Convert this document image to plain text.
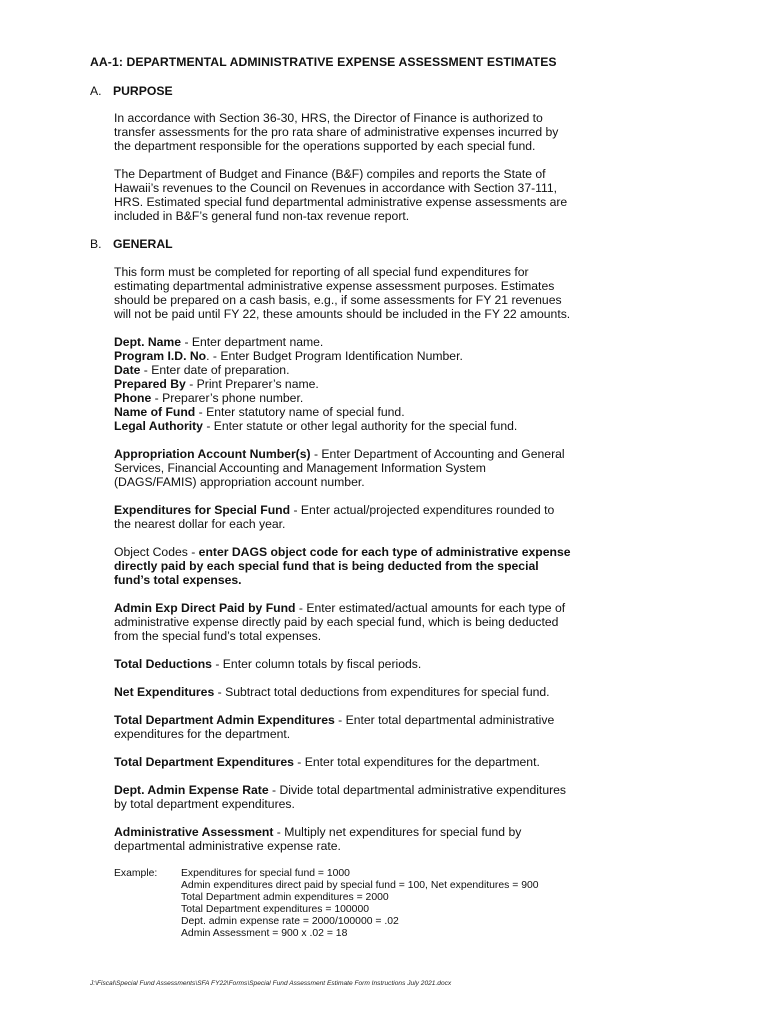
AA-1: DEPARTMENTAL ADMINISTRATIVE EXPENSE ASSESSMENT ESTIMATES
A. PURPOSE

In accordance with Section 36-30, HRS, the Director of Finance is authorized to
transfer assessments for the pro rata share of administrative expenses incurred by
the department responsible for the operations supported by each special fund.

The Department of Budget and Finance (B&F) compiles and reports the State of
Hawaii’s revenues to the Council on Revenues in accordance with Section 37-111,
HRS. Estimated special fund departmental administrative expense assessments are
included in B&F’s general fund non-tax revenue report.

B. GENERAL

This form must be completed for reporting of all special fund expenditures for
estimating departmental administrative expense assessment purposes. Estimates
should be prepared on a cash basis, e.g., if some assessments for FY 21 revenues
will not be paid until FY 22, these amounts should be included in the FY 22 amounts.

Dept. Name - Enter department name.
Program I.D. No. - Enter Budget Program Identification Number.
Date - Enter date of preparation.
Prepared By - Print Preparer’s name.
Phone - Preparer’s phone number.
Name of Fund - Enter statutory name of special fund.
Legal Authority - Enter statute or other legal authority for the special fund.

Appropriation Account Number(s) - Enter Department of Accounting and General
Services, Financial Accounting and Management Information System
(DAGS/FAMIS) appropriation account number.

Expenditures for Special Fund - Enter actual/projected expenditures rounded to
the nearest dollar for each year.

Object Codes - enter DAGS object code for each type of administrative expense
directly paid by each special fund that is being deducted from the special
fund’s total expenses.

Admin Exp Direct Paid by Fund - Enter estimated/actual amounts for each type of
administrative expense directly paid by each special fund, which is being deducted
from the special fund’s total expenses.

Total Deductions - Enter column totals by fiscal periods.

Net Expenditures - Subtract total deductions from expenditures for special fund.

Total Department Admin Expenditures - Enter total departmental administrative
expenditures for the department.

Total Department Expenditures - Enter total expenditures for the department.

Dept. Admin Expense Rate - Divide total departmental administrative expenditures
by total department expenditures.

Administrative Assessment - Multiply net expenditures for special fund by
departmental administrative expense rate.

Example: Expenditures for special fund = 1000
Admin expenditures direct paid by special fund = 100, Net expenditures = 900
Total Department admin expenditures = 2000
Total Department expenditures = 100000
Dept. admin expense rate = 2000/100000 = .02
Admin Assessment = 900 x .02 = 18
J:\Fiscal\Special Fund Assessments\SFA FY22\Forms\Special Fund Assessment Estimate Form Instructions July 2021.docx
